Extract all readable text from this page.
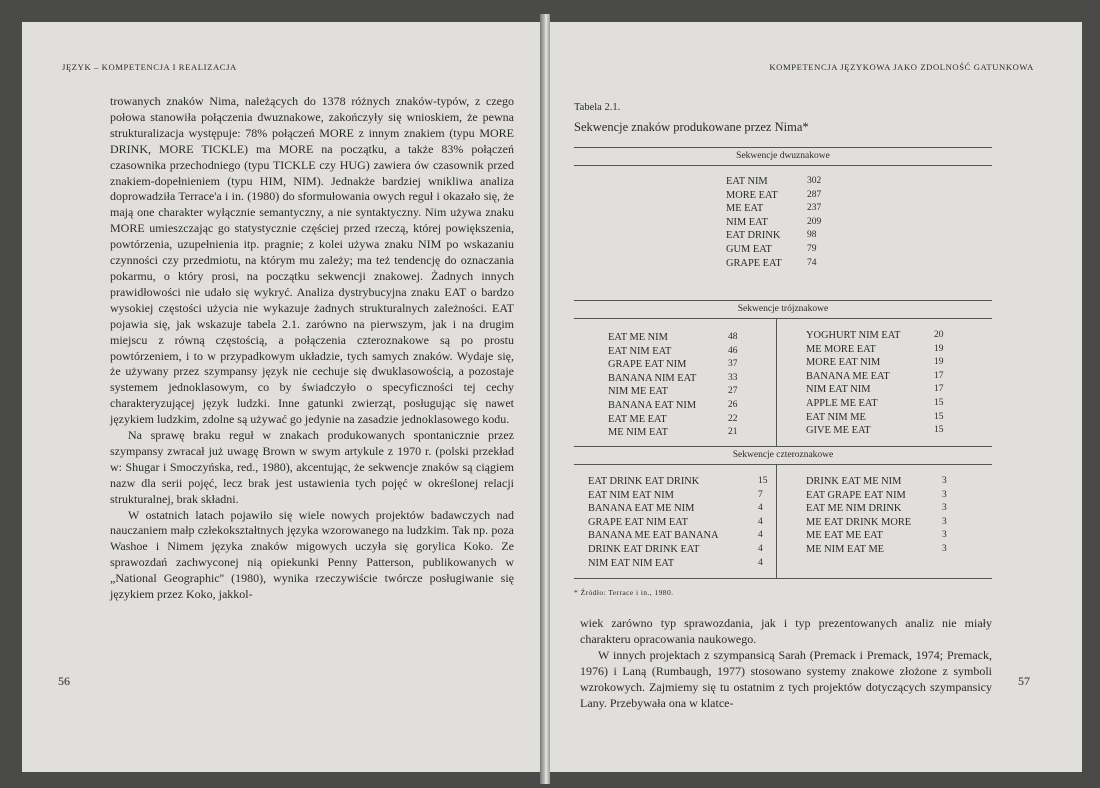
JĘZYK – KOMPETENCJA I REALIZACJA

trowanych znaków Nima, należących do 1378 różnych znaków-typów, z czego połowa stanowiła połączenia dwuznakowe, zakończyły się wnioskiem, że pewna strukturalizacja występuje: 78% połączeń MORE z innym znakiem (typu MORE DRINK, MORE TICKLE) ma MORE na początku, a także 83% połączeń czasownika przechodniego (typu TICKLE czy HUG) zawiera ów czasownik przed znakiem-dopełnieniem (typu HIM, NIM). Jednakże bardziej wnikliwa analiza doprowadziła Terrace'a i in. (1980) do sformułowania owych reguł i okazało się, że mają one charakter wyłącznie semantyczny, a nie syntaktyczny. Nim używa znaku MORE umieszczając go statystycznie częściej przed rzeczą, której powiększenia, powtórzenia, uzupełnienia itp. pragnie; z kolei używa znaku NIM po wskazaniu czynności czy przedmiotu, na którym mu zależy; ma też tendencję do oznaczania pokarmu, o który prosi, na początku sekwencji znakowej. Żadnych innych prawidłowości nie udało się wykryć. Analiza dystrybucyjna znaku EAT o bardzo wysokiej częstości użycia nie wykazuje żadnych strukturalnych zależności. EAT pojawia się, jak wskazuje tabela 2.1. zarówno na pierwszym, jak i na drugim miejscu z równą częstością, a połączenia czteroznakowe są po prostu powtórzeniem, i to w przypadkowym układzie, tych samych znaków. Wydaje się, że używany przez szympansy język nie cechuje się dwuklasowością, a pozostaje systemem jednoklasowym, co by świadczyło o specyficzności tej cechy charakteryzującej język ludzki. Inne gatunki zwierząt, posługując się nawet językiem ludzkim, zdolne są używać go jedynie na zasadzie jednoklasowego kodu.

Na sprawę braku reguł w znakach produkowanych spontanicznie przez szympansy zwracał już uwagę Brown w swym artykule z 1970 r. (polski przekład w: Shugar i Smoczyńska, red., 1980), akcentując, że sekwencje znaków są ciągiem nazw dla serii pojęć, lecz brak jest ustawienia tych pojęć w określonej relacji strukturalnej, brak składni.

W ostatnich latach pojawiło się wiele nowych projektów badawczych nad nauczaniem małp człekokształtnych języka wzorowanego na ludzkim. Tak np. poza Washoe i Nimem języka znaków migowych uczyła się gorylica Koko. Ze sprawozdań zachwyconej nią opiekunki Penny Patterson, publikowanych w „National Geographic'' (1980), wynika rzeczywiście twórcze posługiwanie się językiem przez Koko, jakkol-

56
KOMPETENCJA JĘZYKOWA JAKO ZDOLNOŚĆ GATUNKOWA
Tabela 2.1.
Sekwencje znaków produkowane przez Nima*
Sekwencje dwuznakowe
EAT NIM
MORE EAT
ME EAT
NIM EAT
EAT DRINK
GUM EAT
GRAPE EAT
302
287
237
209
98
79
74
Sekwencje trójznakowe
EAT ME NIM
EAT NIM EAT
GRAPE EAT NIM
BANANA NIM EAT
NIM ME EAT
BANANA EAT NIM
EAT ME EAT
ME NIM EAT
48
46
37
33
27
26
22
21
YOGHURT NIM EAT
ME MORE EAT
MORE EAT NIM
BANANA ME EAT
NIM EAT NIM
APPLE ME EAT
EAT NIM ME
GIVE ME EAT
20
19
19
17
17
15
15
15
Sekwencje czteroznakowe
EAT DRINK EAT DRINK
EAT NIM EAT NIM
BANANA EAT ME NIM
GRAPE EAT NIM EAT
BANANA ME EAT BANANA
DRINK EAT DRINK EAT
NIM EAT NIM EAT
15
7
4
4
4
4
4
DRINK EAT ME NIM
EAT GRAPE EAT NIM
EAT ME NIM DRINK
ME EAT DRINK MORE
ME EAT ME EAT
ME NIM EAT ME
3
3
3
3
3
3
* Źródło: Terrace i in., 1980.

wiek zarówno typ sprawozdania, jak i typ prezentowanych analiz nie miały charakteru opracowania naukowego.

W innych projektach z szympansicą Sarah (Premack i Premack, 1974; Premack, 1976) i Laną (Rumbaugh, 1977) stosowano systemy znakowe złożone z symboli wzrokowych. Zajmiemy się tu ostatnim z tych projektów dotyczących szympansicy Lany. Przebywała ona w klatce-

57
